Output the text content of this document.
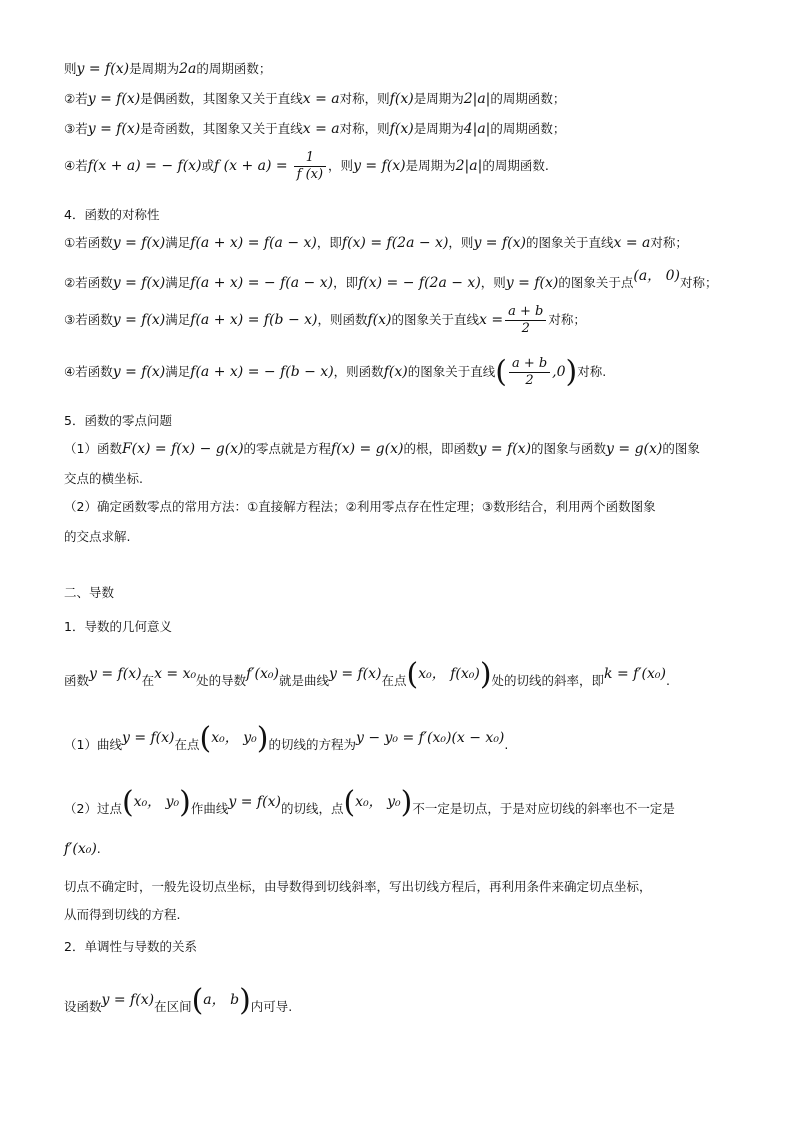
则y = f(x)是周期为2a的周期函数；
②若y = f(x)是偶函数，其图象又关于直线x = a对称，则f(x)是周期为2|a|的周期函数；
③若y = f(x)是奇函数，其图象又关于直线x = a对称，则f(x)是周期为4|a|的周期函数；
④若f(x + a) = − f(x)或f $(x + a) = \frac{1}{f (x)}$ ，则y = f(x)是周期为2|a|的周期函数.
4．函数的对称性
①若函数y = f(x)满足f(a + x) = f(a − x)，即f(x) = f(2a − x)，则y = f(x)的图象关于直线x = a对称；
②若函数y = f(x)满足f(a + x) = − f(a − x)，即f(x) = − f(2a − x)，则y = f(x)的图象关于点(a， 0)对称；
③若函数y = f(x)满足f(a + x) = f(b − x)，则函数f(x)的图象关于直线$x = \frac{a + b}{2}$ 对称；
④若函数y = f(x)满足f(a + x) = − f(b − x)，则函数f(x)的图象关于直线( $\frac{a + b}{2} ,0$)对称.
5．函数的零点问题
（1）函数F(x) = f(x) − g(x)的零点就是方程f(x) = g(x)的根，即函数y = f(x)的图象与函数y = g(x)的图象
交点的横坐标.
（2）确定函数零点的常用方法：①直接解方程法；②利用零点存在性定理；③数形结合，利用两个函数图象
的交点求解.
二、导数
1．导数的几何意义
函数y = f(x)在x = x₀处的导数f′(x₀)就是曲线y = f(x)在点(x₀， f(x₀))处的切线的斜率，即k = f′(x₀).
（1）曲线y = f(x)在点(x₀， y₀)的切线的方程为y − y₀ = f′(x₀)(x − x₀).
（2）过点(x₀， y₀)作曲线y = f(x)的切线，点(x₀， y₀)不一定是切点，于是对应切线的斜率也不一定是
f′(x₀).
切点不确定时，一般先设切点坐标，由导数得到切线斜率，写出切线方程后，再利用条件来确定切点坐标，
从而得到切线的方程.
2．单调性与导数的关系
设函数y = f(x)在区间(a， b)内可导.
